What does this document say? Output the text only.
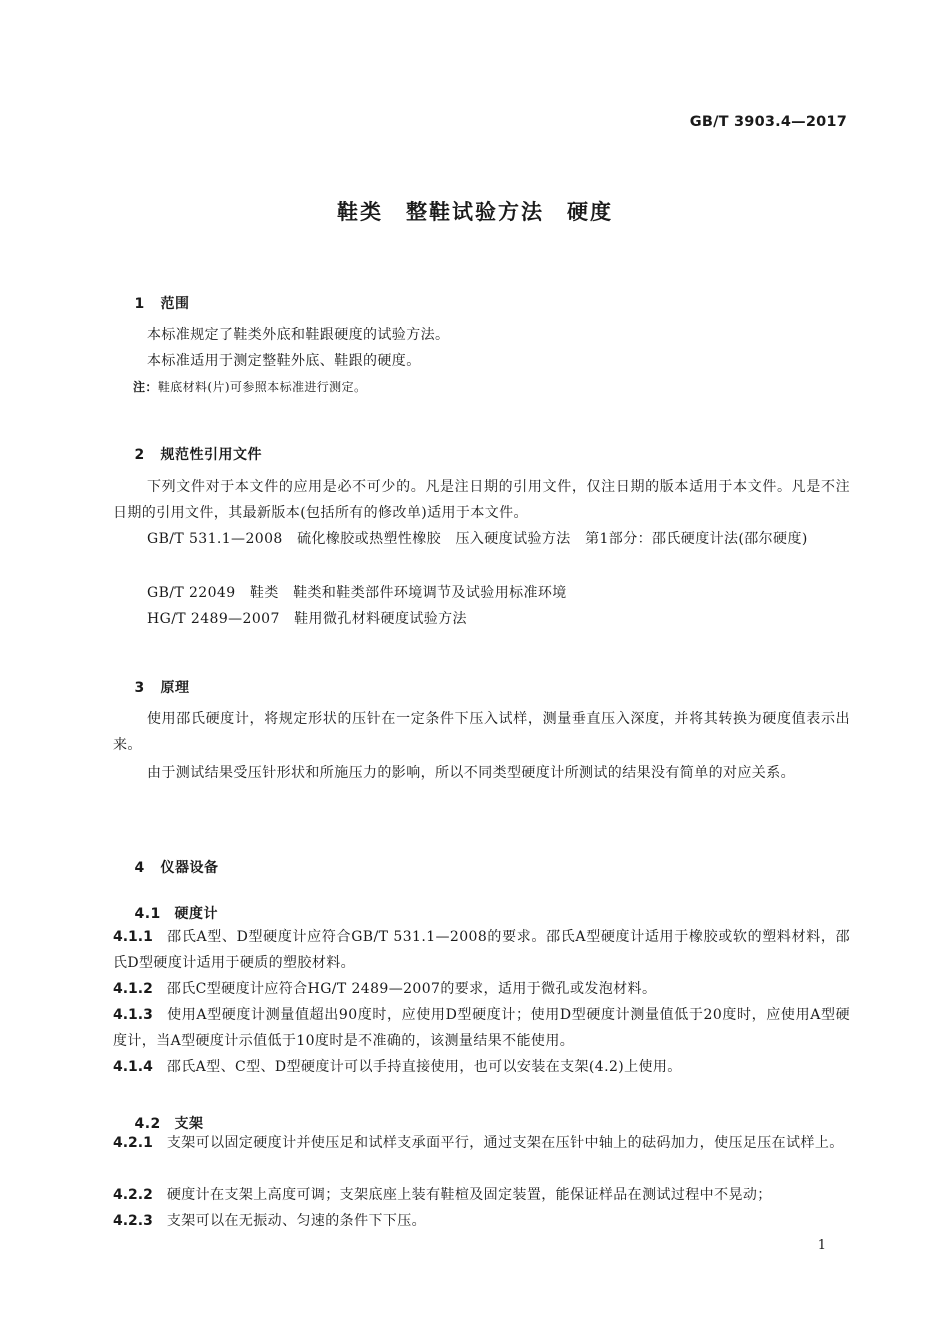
GB/T 3903.4—2017
鞋类　整鞋试验方法　硬度

1 范围

本标准规定了鞋类外底和鞋跟硬度的试验方法。
本标准适用于测定整鞋外底、鞋跟的硬度。
注：鞋底材料(片)可参照本标准进行测定。

2 规范性引用文件

下列文件对于本文件的应用是必不可少的。凡是注日期的引用文件，仅注日期的版本适用于本文件。凡是不注日期的引用文件，其最新版本(包括所有的修改单)适用于本文件。
GB/T 531.1—2008　硫化橡胶或热塑性橡胶　压入硬度试验方法　第1部分：邵氏硬度计法(邵尔硬度)
GB/T 22049　鞋类　鞋类和鞋类部件环境调节及试验用标准环境
HG/T 2489—2007　鞋用微孔材料硬度试验方法

3 原理

使用邵氏硬度计，将规定形状的压针在一定条件下压入试样，测量垂直压入深度，并将其转换为硬度值表示出来。
由于测试结果受压针形状和所施压力的影响，所以不同类型硬度计所测试的结果没有简单的对应关系。

4 仪器设备

4.1 硬度计

4.1.1 邵氏A型、D型硬度计应符合GB/T 531.1—2008的要求。邵氏A型硬度计适用于橡胶或软的塑料材料，邵氏D型硬度计适用于硬质的塑胶材料。
4.1.2 邵氏C型硬度计应符合HG/T 2489—2007的要求，适用于微孔或发泡材料。
4.1.3 使用A型硬度计测量值超出90度时，应使用D型硬度计；使用D型硬度计测量值低于20度时，应使用A型硬度计，当A型硬度计示值低于10度时是不准确的，该测量结果不能使用。
4.1.4 邵氏A型、C型、D型硬度计可以手持直接使用，也可以安装在支架(4.2)上使用。

4.2 支架

4.2.1 支架可以固定硬度计并使压足和试样支承面平行，通过支架在压针中轴上的砝码加力，使压足压在试样上。
4.2.2 硬度计在支架上高度可调；支架底座上装有鞋楦及固定装置，能保证样品在测试过程中不晃动；
4.2.3 支架可以在无振动、匀速的条件下下压。
1
